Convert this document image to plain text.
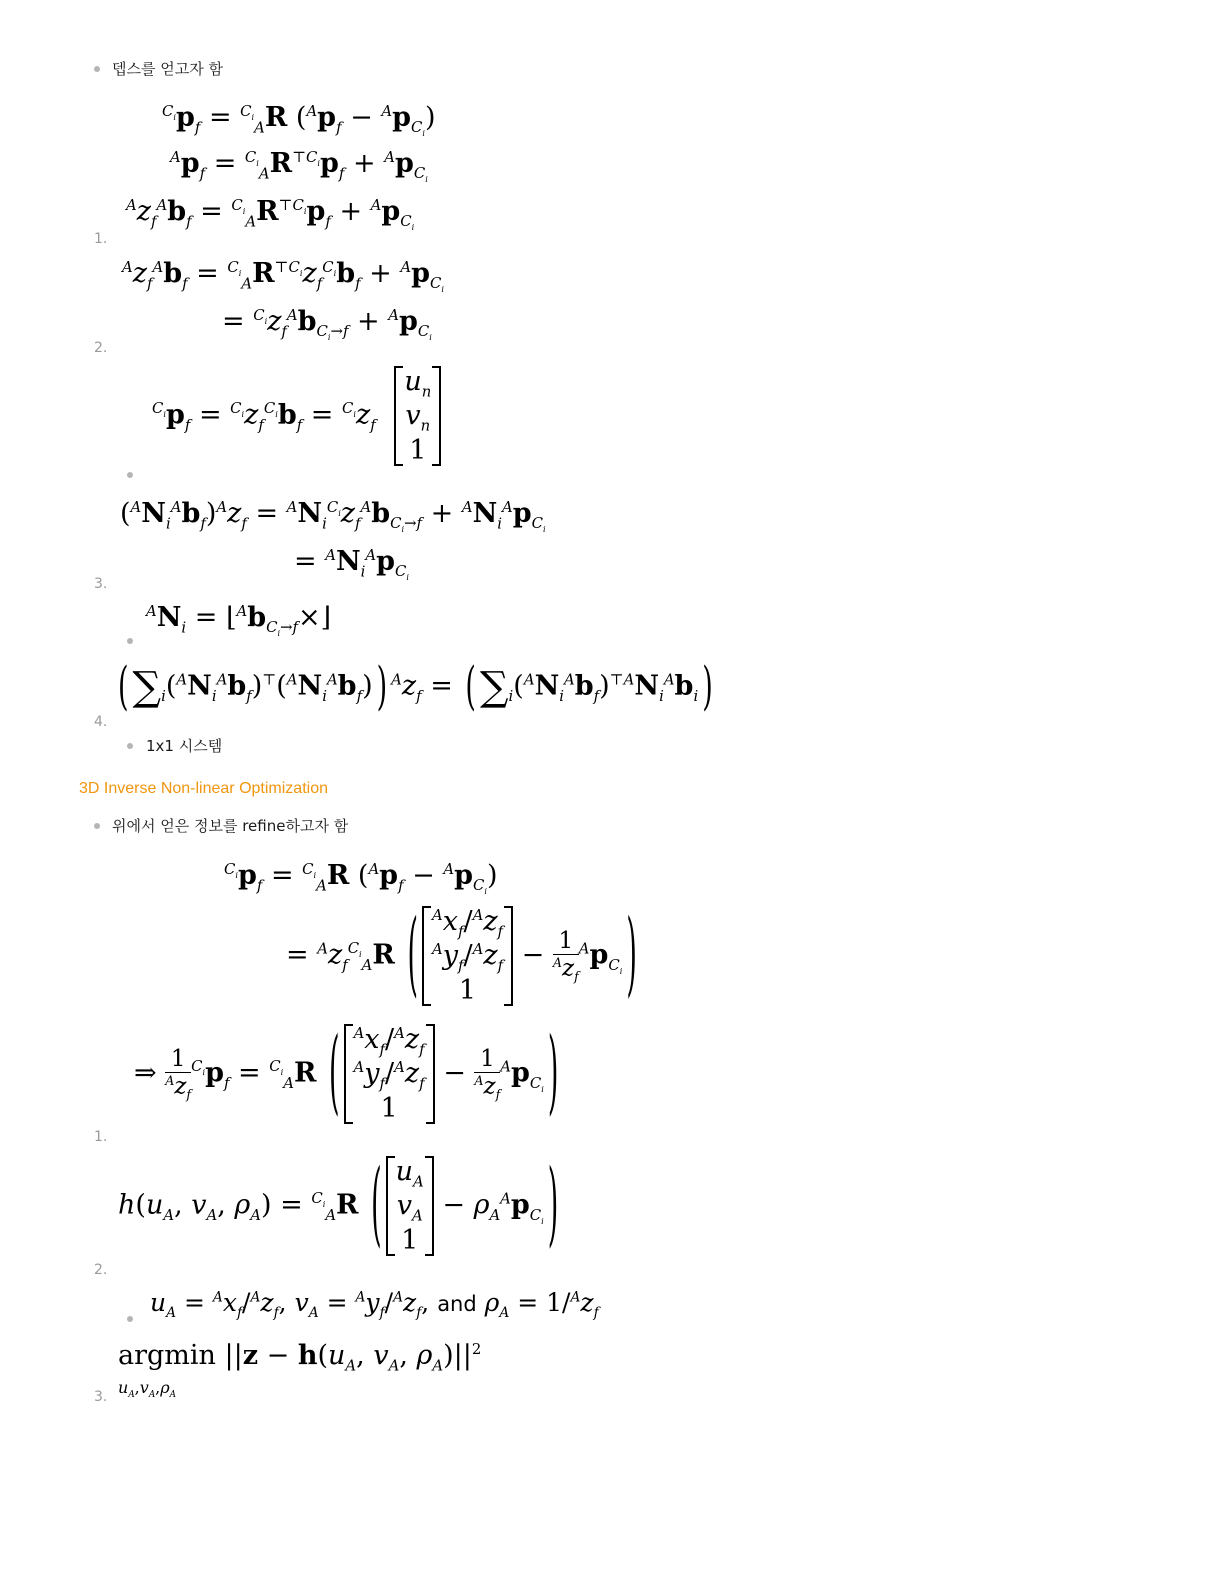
뎁스를 얻고자 함
$^{C_i}p_f = ^{C_i}_AR$ $(^Ap_f - ^Ap_{C_i})$
$^Ap_f = ^{C_i}_AR^{⊤C_i}p_f + ^Ap_{C_i}$
$^Az_f^Ab_f = ^{C_i}_AR^{⊤C_i}p_f + ^Ap_{C_i}$
1.
$^Az_f^Ab_f = ^{C_i}_AR^{⊤C_i}z_f^{C_i}b_f + ^Ap_{C_i}$
= $^{C_i}z_f^Ab_{C_i\to f} + ^Ap_{C_i}$
2.
$^{C_i}p_f = ^{C_i}z_f^{C_i}b_f = ^{C_i}z_f$ $u_n$
$v_n$
1
$(^AN_i^Ab_f)^Az_f = ^AN_i^{C_i}z_f^Ab_{C_i\to f} + ^AN_i^Ap_{C_i}$
= $^AN_i^Ap_{C_i}$
3.
$^AN_i$ = $⌊^Ab_{C_i\to f}\times⌋$
( $\sum_i(^AN_i^Ab_f)^⊤(^AN_i^Ab_f)$ ) $^Az_f$ = ( $\sum_i(^AN_i^Ab_f)^{⊤A}N_i^Ab_i$ )
4.
1x1 시스템
3D Inverse Non-linear Optimization
위에서 얻은 정보를 refine하고자 함
$^{C_i}p_f = ^{C_i}_AR$ $(^Ap_f - ^Ap_{C_i})$
= $^Az_f^{C_i}_AR$ ( $^Ax_f/^Az_f$
$^Ay_f/^Az_f$
$1 - \frac{1}{^Az_f} ^Ap_{C_i}$ )
⇒ $\frac{1}{^Az_f} ^{C_i}p_f = ^{C_i}_AR$ ( $^Ax_f/^Az_f$
$^Ay_f/^Az_f$
$1 - \frac{1}{^Az_f} ^Ap_{C_i}$ )
1.
$h(u_A$, $v_A$, $\rho_A) = ^{C_i}_AR$ ( $u_A$
$v_A$
$1 - \rho_A^Ap_{C_i}$ )
2.
$u_A = ^Ax_f/^Az_f$, $v_A = ^Ay_f/^Az_f$, and $\rho_A = 1/^Az_f$
argmin $||z - h(u_A$, $v_A$, $\rho_A)||^2$
$u_A,v_A,\rho_A$
3.
